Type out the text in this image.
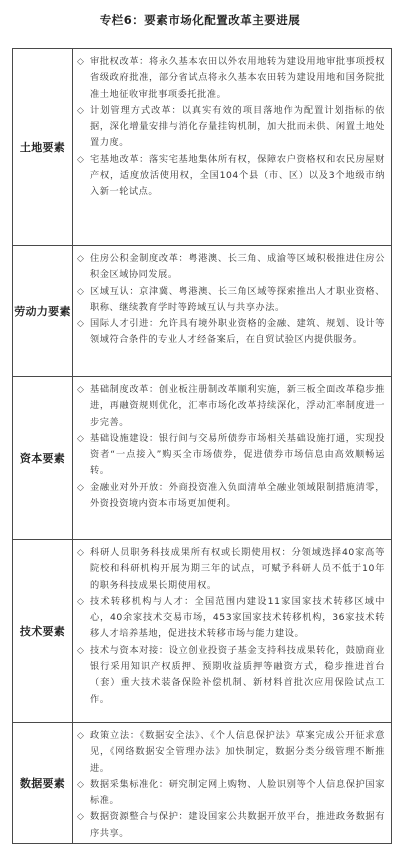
专栏6：要素市场化配置改革主要进展
土地要素
◇ 审批权改革：将永久基本农田以外农用地转为建设用地审批事项授权省级政府批准，部分省试点将永久基本农田转为建设用地和国务院批准土地征收审批事项委托批准。
◇ 计划管理方式改革：以真实有效的项目落地作为配置计划指标的依据，深化增量安排与消化存量挂钩机制，加大批而未供、闲置土地处置力度。
◇ 宅基地改革：落实宅基地集体所有权，保障农户资格权和农民房屋财产权，适度放活使用权，全国104个县（市、区）以及3个地级市纳入新一轮试点。
劳动力要素
◇ 住房公积金制度改革：粤港澳、长三角、成渝等区域积极推进住房公积金区域协同发展。
◇ 区域互认：京津冀、粤港澳、长三角区域等探索推出人才职业资格、职称、继续教育学时等跨域互认与共享办法。
◇ 国际人才引进：允许具有境外职业资格的金融、建筑、规划、设计等领域符合条件的专业人才经备案后，在自贸试验区内提供服务。
资本要素
◇ 基础制度改革：创业板注册制改革顺利实施，新三板全面改革稳步推进，再融资规则优化，汇率市场化改革持续深化，浮动汇率制度进一步完善。
◇ 基础设施建设：银行间与交易所债券市场相关基础设施打通，实现投资者“一点接入”购买全市场债券，促进债券市场信息由高效顺畅运转。
◇ 金融业对外开放：外商投资准入负面清单全融业领域限制措施清零，外资投资境内资本市场更加便利。
技术要素
◇ 科研人员职务科技成果所有权或长期使用权：分领域选择40家高等院校和科研机构开展为期三年的试点，可赋予科研人员不低于10年的职务科技成果长期使用权。
◇ 技术转移机构与人才：全国范围内建设11家国家技术转移区域中心，40余家技术交易市场，453家国家技术转移机构，36家技术转移人才培养基地，促进技术转移市场与能力建设。
◇ 技术与资本对接：设立创业投资子基金支持科技成果转化，鼓励商业银行采用知识产权质押、预期收益质押等融资方式，稳步推进首台（套）重大技术装备保险补偿机制、新材料首批次应用保险试点工作。
数据要素
◇ 政策立法：《数据安全法》、《个人信息保护法》草案完成公开征求意见，《网络数据安全管理办法》加快制定，数据分类分级管理不断推进。
◇ 数据采集标准化：研究制定网上购物、人脸识别等个人信息保护国家标准。
◇ 数据资源整合与保护：建设国家公共数据开放平台，推进政务数据有序共享。
